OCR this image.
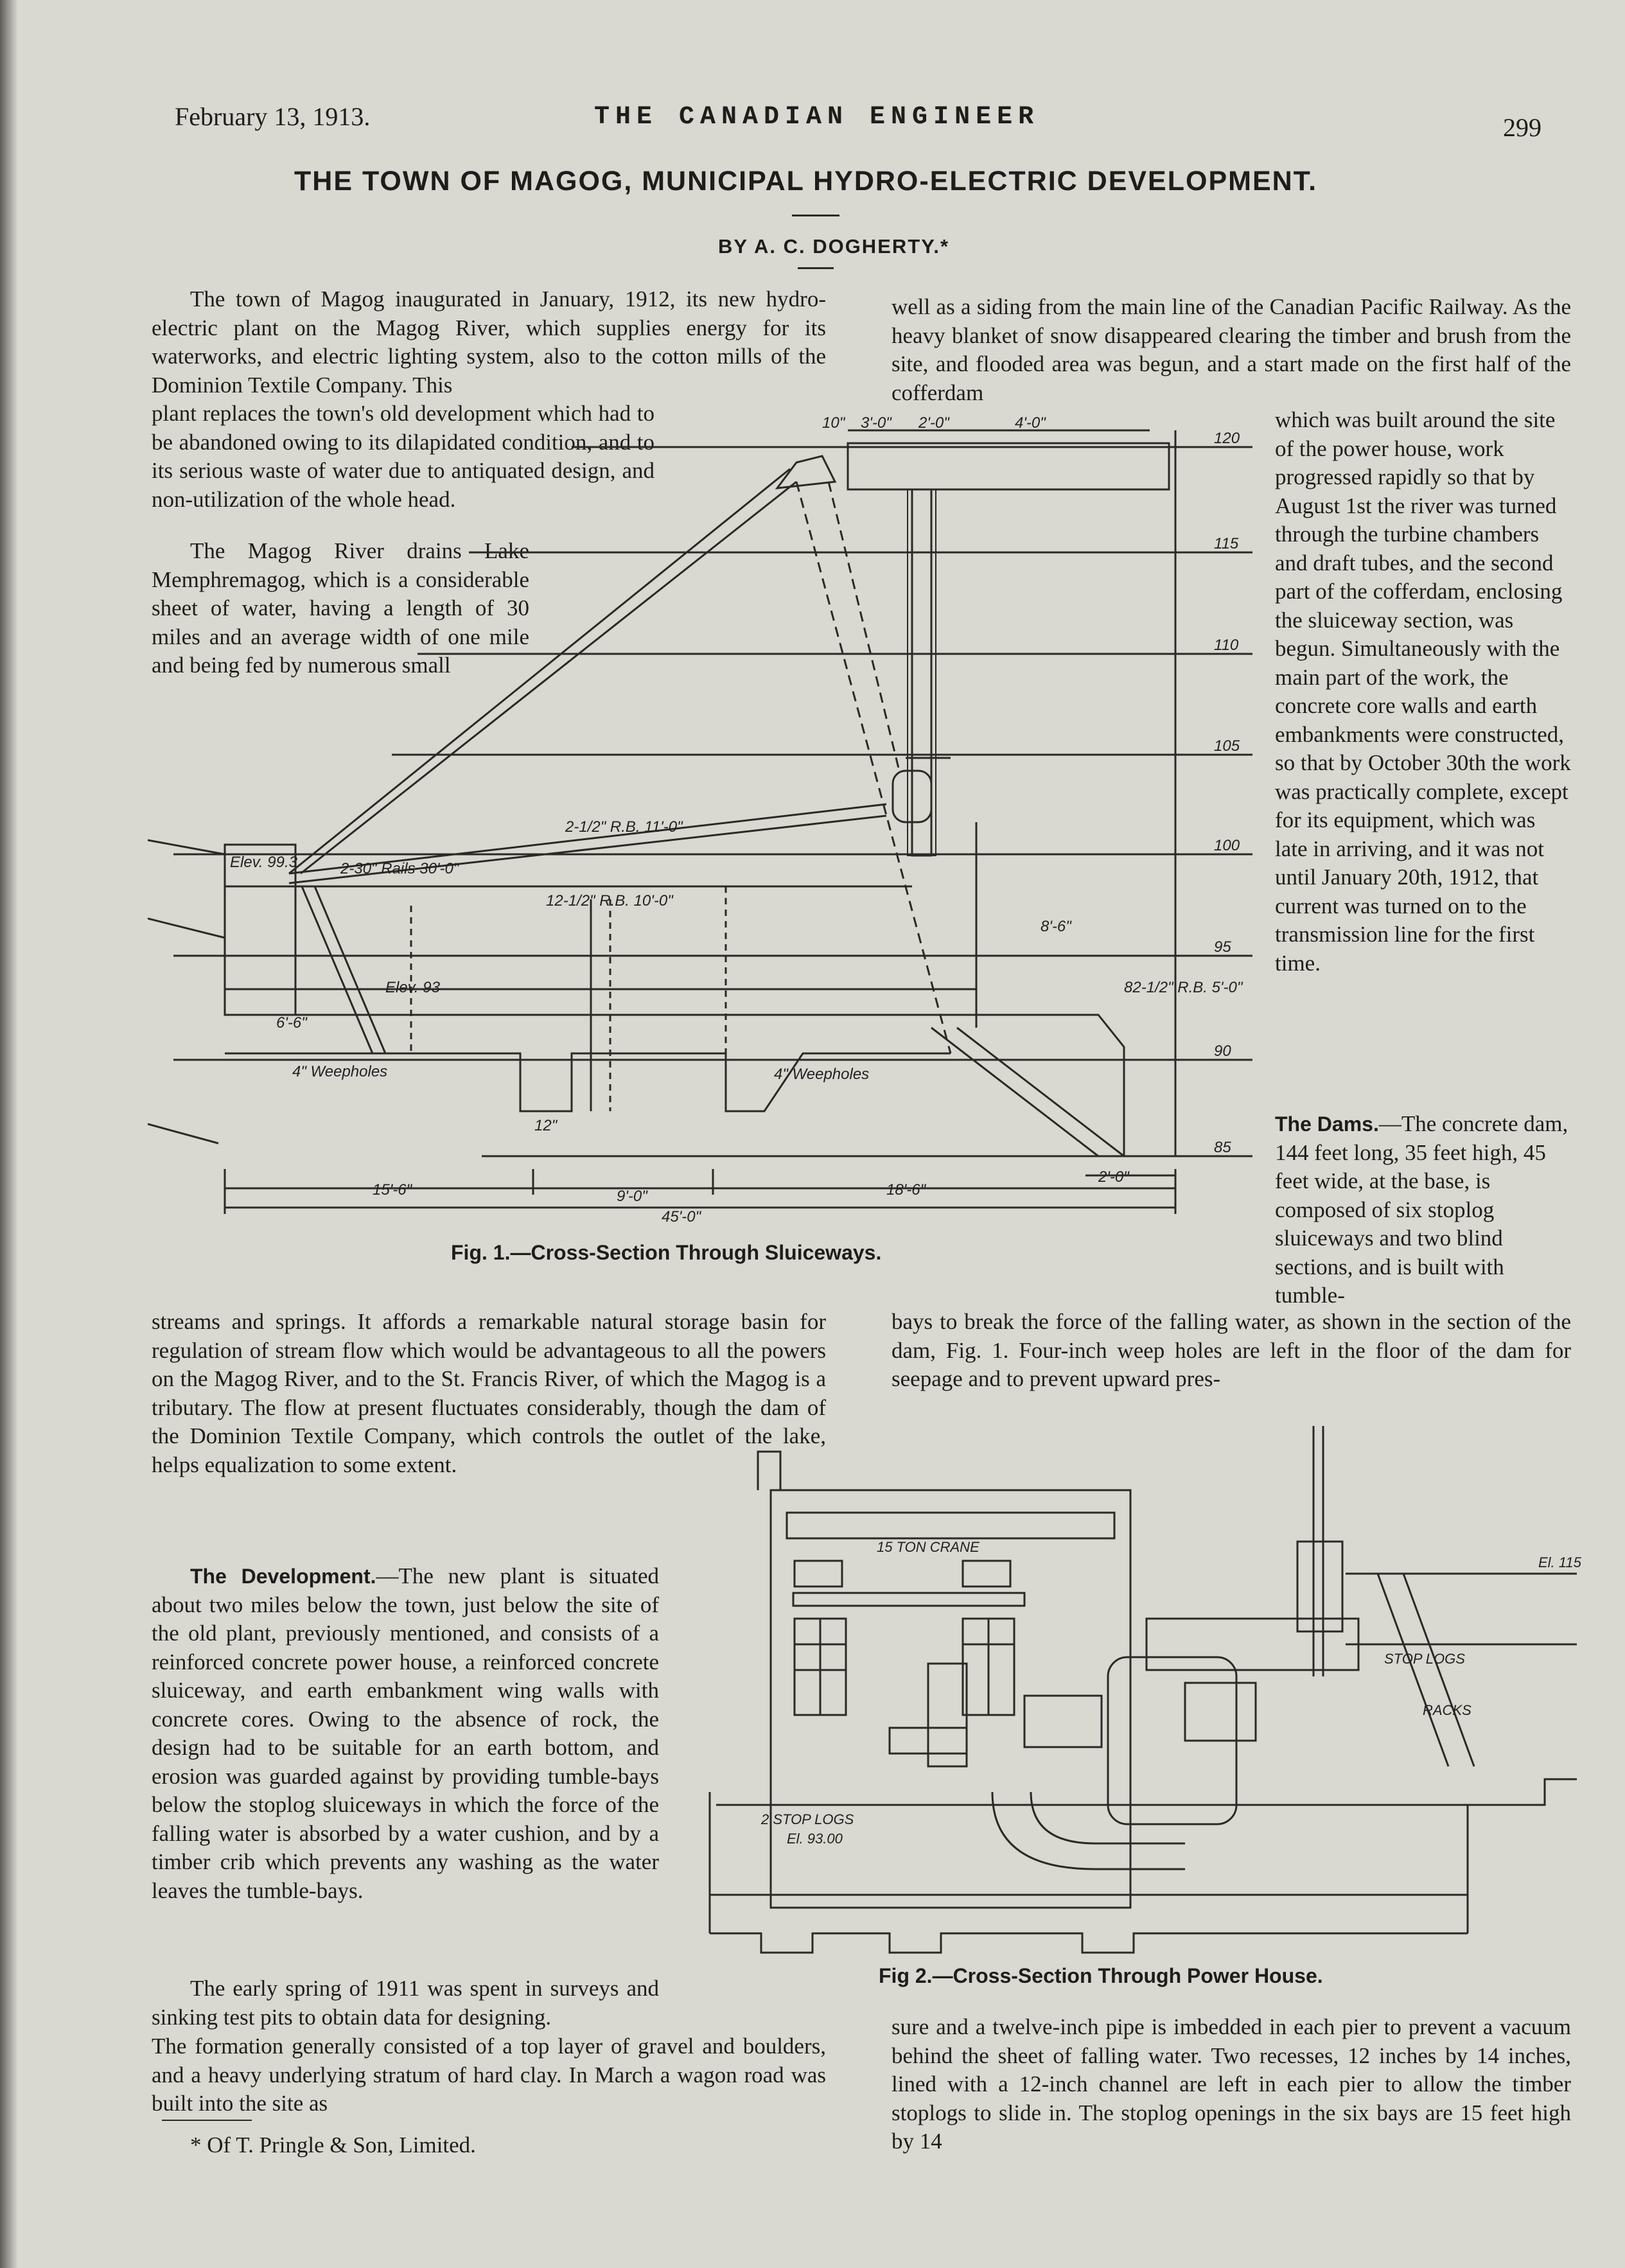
February 13, 1913.	THE CANADIAN ENGINEER	299
THE TOWN OF MAGOG, MUNICIPAL HYDRO-ELECTRIC DEVELOPMENT.
BY A. C. DOGHERTY.*

The town of Magog inaugurated in January, 1912, its new hydro-electric plant on the Magog River, which supplies energy for its waterworks, and electric lighting system, also to the cotton mills of the Dominion Textile Company. This

plant replaces the town's old development which had to be abandoned owing to its dilapidated condition, and to its serious waste of water due to antiquated design, and non-utilization of the whole head.

The Magog River drains Lake Memphremagog, which is a considerable sheet of water, having a length of 30 miles and an average width of one mile and being fed by numerous small

well as a siding from the main line of the Canadian Pacific Railway. As the heavy blanket of snow disappeared clearing the timber and brush from the site, and flooded area was begun, and a start made on the first half of the cofferdam

which was built around the site of the power house, work progressed rapidly so that by August 1st the river was turned through the turbine chambers and draft tubes, and the second part of the cofferdam, enclosing the sluiceway section, was begun. Simultaneously with the main part of the work, the concrete core walls and earth embankments were constructed, so that by October 30th the work was practically complete, except for its equipment, which was late in arriving, and it was not until January 20th, 1912, that current was turned on to the transmission line for the first time.

The Dams.—The concrete dam, 144 feet long, 35 feet high, 45 feet wide, at the base, is composed of six stoplog sluiceways and two blind sections, and is built with tumble-

120
115
110
105
100
95
90
85
3'-0" 2'-0"	4'-0"
10"
15'-6"	9'-0"	18'-6"
45'-0"
6'-6"
8'-6"
2'-0"
12"
4" Weepholes	4" Weepholes
Elev. 99.3
Elev. 93
2-1/2" R.B. 11'-0"
2-30" Rails 30'-0"
12-1/2" R.B. 10'-0"
82-1/2" R.B. 5'-0"
Fig. 1.—Cross-Section Through Sluiceways.

streams and springs. It affords a remarkable natural storage basin for regulation of stream flow which would be advantageous to all the powers on the Magog River, and to the St. Francis River, of which the Magog is a tributary. The flow at present fluctuates considerably, though the dam of the Dominion Textile Company, which controls the outlet of the lake, helps equalization to some extent.

The Development.—The new plant is situated about two miles below the town, just below the site of the old plant, previously mentioned, and consists of a reinforced concrete power house, a reinforced concrete sluiceway, and earth embankment wing walls with concrete cores. Owing to the absence of rock, the design had to be suitable for an earth bottom, and erosion was guarded against by providing tumble-bays below the stoplog sluiceways in which the force of the falling water is absorbed by a water cushion, and by a timber crib which prevents any washing as the water leaves the tumble-bays.

The early spring of 1911 was spent in surveys and sinking test pits to obtain data for designing.

The formation generally consisted of a top layer of gravel and boulders, and a heavy underlying stratum of hard clay. In March a wagon road was built into the site as

* Of T. Pringle & Son, Limited.

bays to break the force of the falling water, as shown in the section of the dam, Fig. 1. Four-inch weep holes are left in the floor of the dam for seepage and to prevent upward pres-

15 TON CRANE
STOP LOGS
RACKS
El. 115
2 STOP LOGS
El. 93.00
Fig 2.—Cross-Section Through Power House.

sure and a twelve-inch pipe is imbedded in each pier to prevent a vacuum behind the sheet of falling water. Two recesses, 12 inches by 14 inches, lined with a 12-inch channel are left in each pier to allow the timber stoplogs to slide in. The stoplog openings in the six bays are 15 feet high by 14
